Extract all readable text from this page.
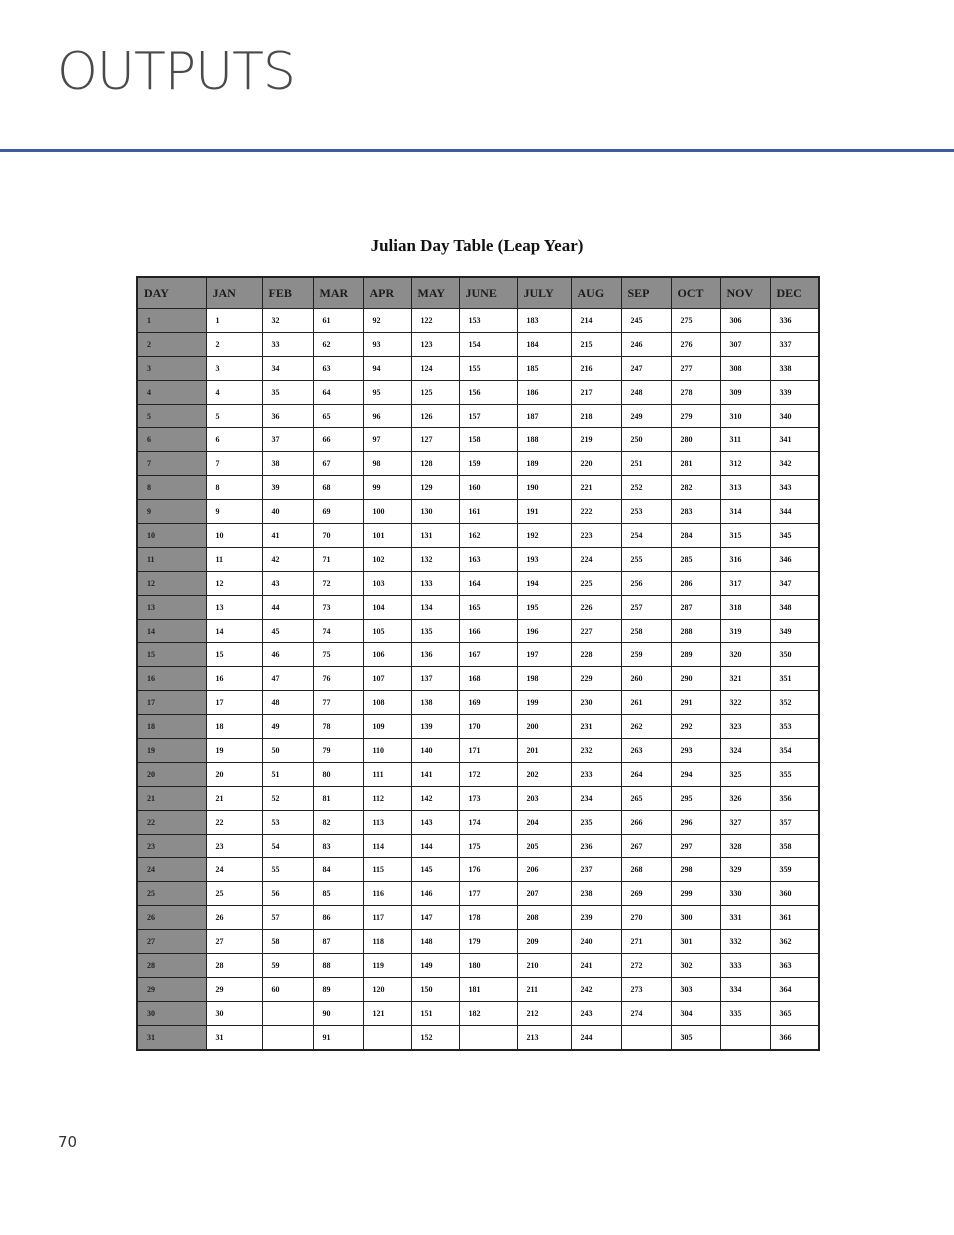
OUTPUTS
Julian Day Table (Leap Year)
DAY	JAN	FEB	MAR	APR	MAY	JUNE	JULY	AUG	SEP	OCT	NOV	DEC
1	1	32	61	92	122	153	183	214	245	275	306	336
2	2	33	62	93	123	154	184	215	246	276	307	337
3	3	34	63	94	124	155	185	216	247	277	308	338
4	4	35	64	95	125	156	186	217	248	278	309	339
5	5	36	65	96	126	157	187	218	249	279	310	340
6	6	37	66	97	127	158	188	219	250	280	311	341
7	7	38	67	98	128	159	189	220	251	281	312	342
8	8	39	68	99	129	160	190	221	252	282	313	343
9	9	40	69	100	130	161	191	222	253	283	314	344
10	10	41	70	101	131	162	192	223	254	284	315	345
11	11	42	71	102	132	163	193	224	255	285	316	346
12	12	43	72	103	133	164	194	225	256	286	317	347
13	13	44	73	104	134	165	195	226	257	287	318	348
14	14	45	74	105	135	166	196	227	258	288	319	349
15	15	46	75	106	136	167	197	228	259	289	320	350
16	16	47	76	107	137	168	198	229	260	290	321	351
17	17	48	77	108	138	169	199	230	261	291	322	352
18	18	49	78	109	139	170	200	231	262	292	323	353
19	19	50	79	110	140	171	201	232	263	293	324	354
20	20	51	80	111	141	172	202	233	264	294	325	355
21	21	52	81	112	142	173	203	234	265	295	326	356
22	22	53	82	113	143	174	204	235	266	296	327	357
23	23	54	83	114	144	175	205	236	267	297	328	358
24	24	55	84	115	145	176	206	237	268	298	329	359
25	25	56	85	116	146	177	207	238	269	299	330	360
26	26	57	86	117	147	178	208	239	270	300	331	361
27	27	58	87	118	148	179	209	240	271	301	332	362
28	28	59	88	119	149	180	210	241	272	302	333	363
29	29	60	89	120	150	181	211	242	273	303	334	364
30	30		90	121	151	182	212	243	274	304	335	365
31	31		91		152		213	244		305		366
70
